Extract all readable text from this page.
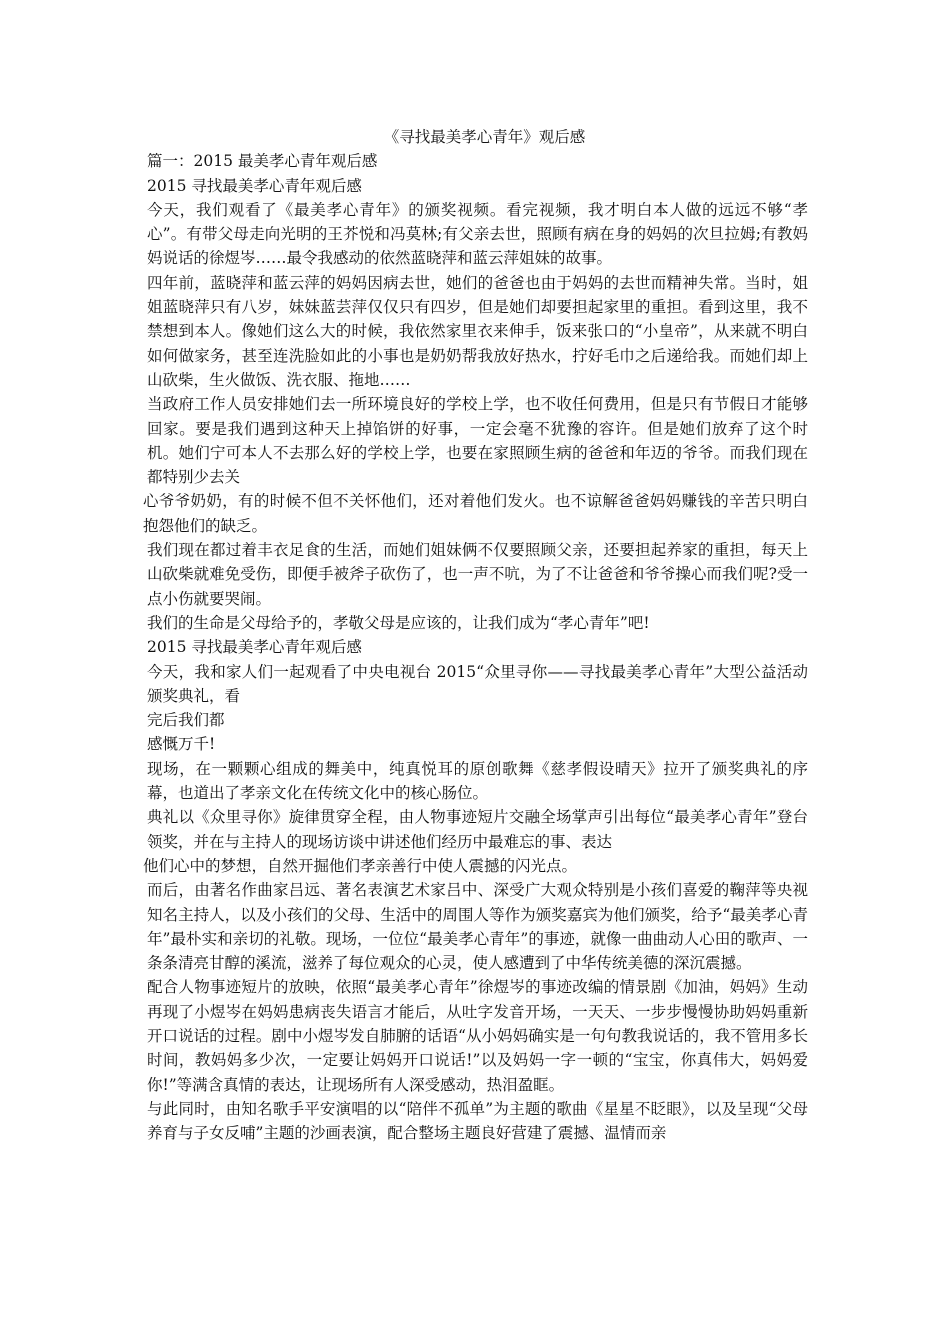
《寻找最美孝心青年》观后感

篇一：2015 最美孝心青年观后感

2015 寻找最美孝心青年观后感

今天，我们观看了《最美孝心青年》的颁奖视频。看完视频，我才明白本人做的远远不够“孝心”。有带父母走向光明的王芥悦和冯莫林;有父亲去世，照顾有病在身的妈妈的次旦拉姆;有教妈妈说话的徐煜岑……最令我感动的依然蓝晓萍和蓝云萍姐妹的故事。

四年前，蓝晓萍和蓝云萍的妈妈因病去世，她们的爸爸也由于妈妈的去世而精神失常。当时，姐姐蓝晓萍只有八岁，妹妹蓝芸萍仅仅只有四岁，但是她们却要担起家里的重担。看到这里，我不禁想到本人。像她们这么大的时候，我依然家里衣来伸手，饭来张口的“小皇帝”，从来就不明白如何做家务，甚至连洗脸如此的小事也是奶奶帮我放好热水，拧好毛巾之后递给我。而她们却上山砍柴，生火做饭、洗衣服、拖地……

当政府工作人员安排她们去一所环境良好的学校上学，也不收任何费用，但是只有节假日才能够回家。要是我们遇到这种天上掉馅饼的好事，一定会毫不犹豫的容许。但是她们放弃了这个时机。她们宁可本人不去那么好的学校上学，也要在家照顾生病的爸爸和年迈的爷爷。而我们现在都特别少去关

心爷爷奶奶，有的时候不但不关怀他们，还对着他们发火。也不谅解爸爸妈妈赚钱的辛苦只明白抱怨他们的缺乏。

我们现在都过着丰衣足食的生活，而她们姐妹俩不仅要照顾父亲，还要担起养家的重担，每天上山砍柴就难免受伤，即便手被斧子砍伤了，也一声不吭，为了不让爸爸和爷爷操心而我们呢?受一点小伤就要哭闹。

我们的生命是父母给予的，孝敬父母是应该的，让我们成为“孝心青年”吧!

2015 寻找最美孝心青年观后感

今天，我和家人们一起观看了中央电视台 2015“众里寻你——寻找最美孝心青年”大型公益活动颁奖典礼，看

完后我们都

感慨万千!

现场，在一颗颗心组成的舞美中，纯真悦耳的原创歌舞《慈孝假设晴天》拉开了颁奖典礼的序幕，也道出了孝亲文化在传统文化中的核心肠位。

典礼以《众里寻你》旋律贯穿全程，由人物事迹短片交融全场掌声引出每位“最美孝心青年”登台领奖，并在与主持人的现场访谈中讲述他们经历中最难忘的事、表达

他们心中的梦想，自然开掘他们孝亲善行中使人震撼的闪光点。

而后，由著名作曲家吕远、著名表演艺术家吕中、深受广大观众特别是小孩们喜爱的鞠萍等央视知名主持人，以及小孩们的父母、生活中的周围人等作为颁奖嘉宾为他们颁奖，给予“最美孝心青年”最朴实和亲切的礼敬。现场，一位位“最美孝心青年”的事迹，就像一曲曲动人心田的歌声、一条条清亮甘醇的溪流，滋养了每位观众的心灵，使人感遭到了中华传统美德的深沉震撼。

配合人物事迹短片的放映，依照“最美孝心青年”徐煜岑的事迹改编的情景剧《加油，妈妈》生动再现了小煜岑在妈妈患病丧失语言才能后，从吐字发音开场，一天天、一步步慢慢协助妈妈重新开口说话的过程。剧中小煜岑发自肺腑的话语“从小妈妈确实是一句句教我说话的，我不管用多长时间，教妈妈多少次，一定要让妈妈开口说话!”以及妈妈一字一顿的“宝宝，你真伟大，妈妈爱你!”等满含真情的表达，让现场所有人深受感动，热泪盈眶。

与此同时，由知名歌手平安演唱的以“陪伴不孤单”为主题的歌曲《星星不眨眼》，以及呈现“父母养育与子女反哺”主题的沙画表演，配合整场主题良好营建了震撼、温情而亲
